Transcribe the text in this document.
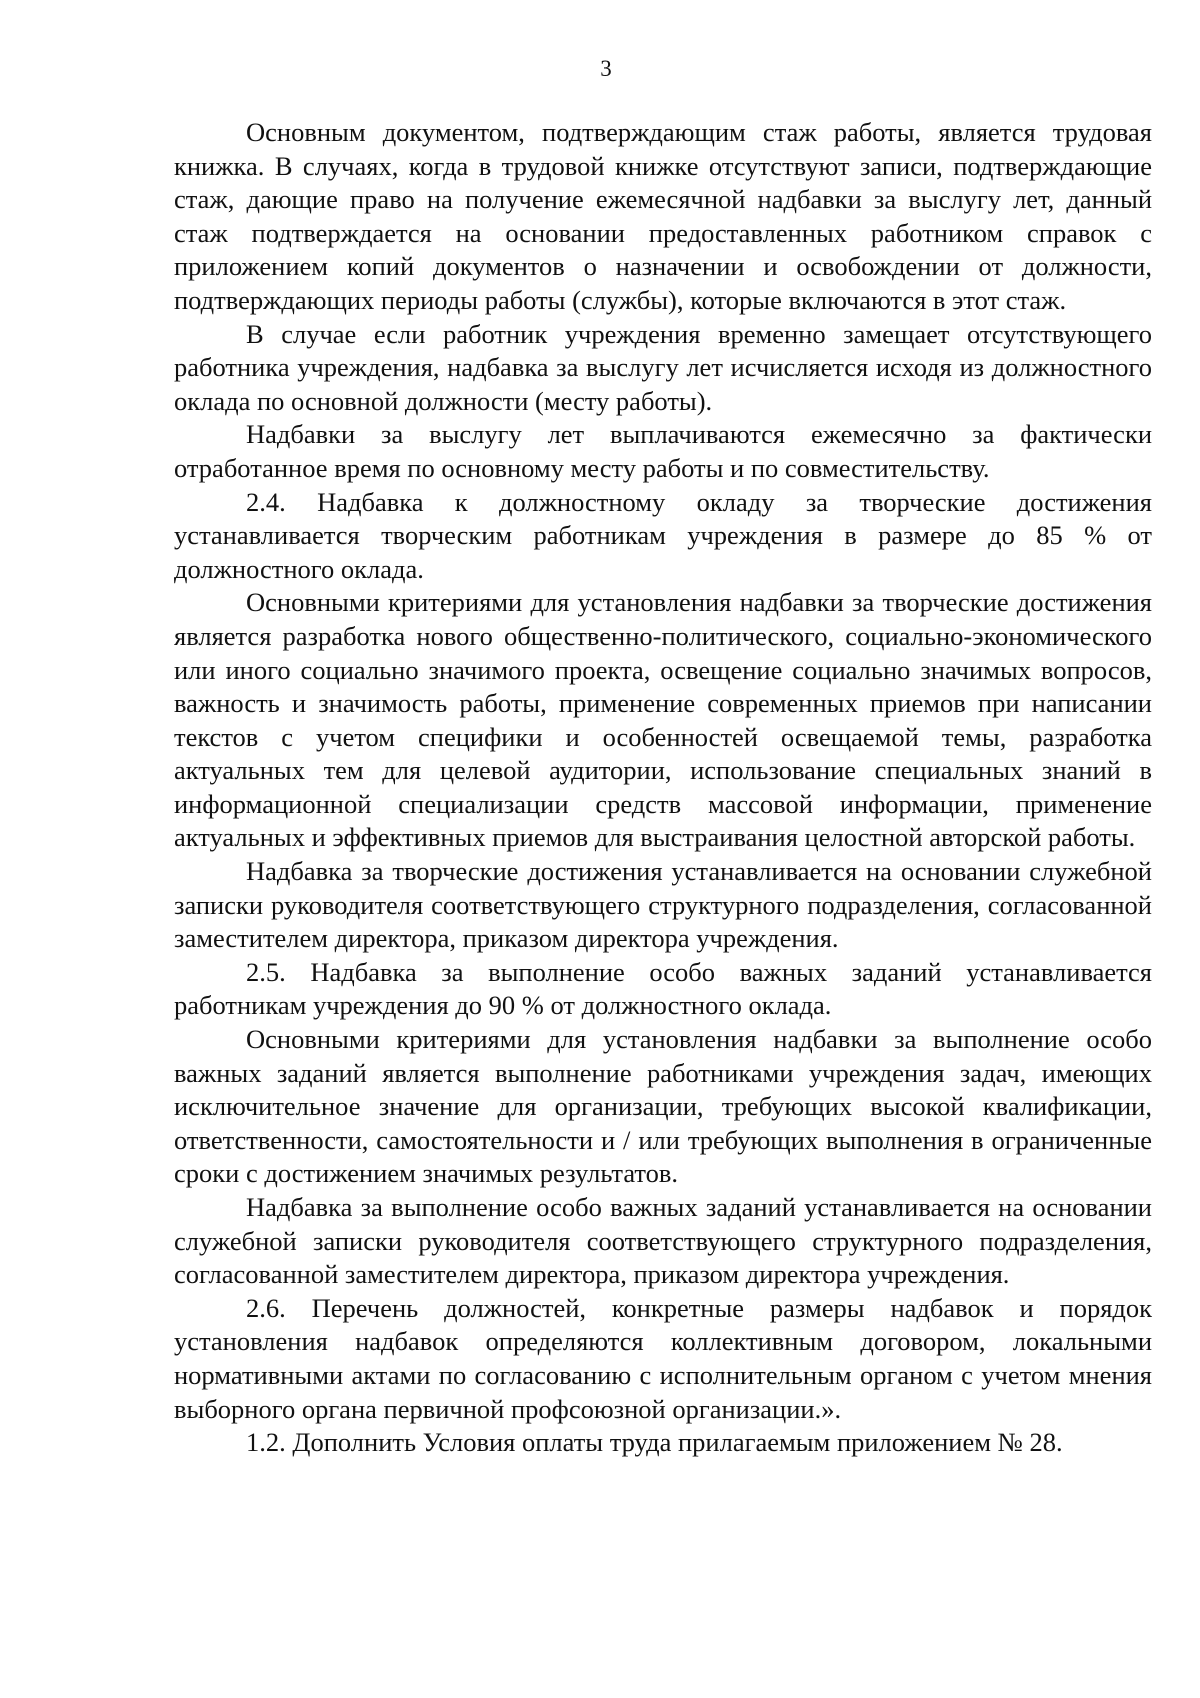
3

Основным документом, подтверждающим стаж работы, является трудовая книжка. В случаях, когда в трудовой книжке отсутствуют записи, подтверждающие стаж, дающие право на получение ежемесячной надбавки за выслугу лет, данный стаж подтверждается на основании предоставленных работником справок с приложением копий документов о назначении и освобождении от должности, подтверждающих периоды работы (службы), которые включаются в этот стаж.

В случае если работник учреждения временно замещает отсутствующего работника учреждения, надбавка за выслугу лет исчисляется исходя из должностного оклада по основной должности (месту работы).

Надбавки за выслугу лет выплачиваются ежемесячно за фактически отработанное время по основному месту работы и по совместительству.

2.4. Надбавка к должностному окладу за творческие достижения устанавливается творческим работникам учреждения в размере до 85 % от должностного оклада.

Основными критериями для установления надбавки за творческие достижения является разработка нового общественно-политического, социально-экономического или иного социально значимого проекта, освещение социально значимых вопросов, важность и значимость работы, применение современных приемов при написании текстов с учетом специфики и особенностей освещаемой темы, разработка актуальных тем для целевой аудитории, использование специальных знаний в информационной специализации средств массовой информации, применение актуальных и эффективных приемов для выстраивания целостной авторской работы.

Надбавка за творческие достижения устанавливается на основании служебной записки руководителя соответствующего структурного подразделения, согласованной заместителем директора, приказом директора учреждения.

2.5. Надбавка за выполнение особо важных заданий устанавливается работникам учреждения до 90 % от должностного оклада.

Основными критериями для установления надбавки за выполнение особо важных заданий является выполнение работниками учреждения задач, имеющих исключительное значение для организации, требующих высокой квалификации, ответственности, самостоятельности и / или требующих выполнения в ограниченные сроки с достижением значимых результатов.

Надбавка за выполнение особо важных заданий устанавливается на основании служебной записки руководителя соответствующего структурного подразделения, согласованной заместителем директора, приказом директора учреждения.

2.6. Перечень должностей, конкретные размеры надбавок и порядок установления надбавок определяются коллективным договором, локальными нормативными актами по согласованию с исполнительным органом с учетом мнения выборного органа первичной профсоюзной организации.».

1.2. Дополнить Условия оплаты труда прилагаемым приложением № 28.
